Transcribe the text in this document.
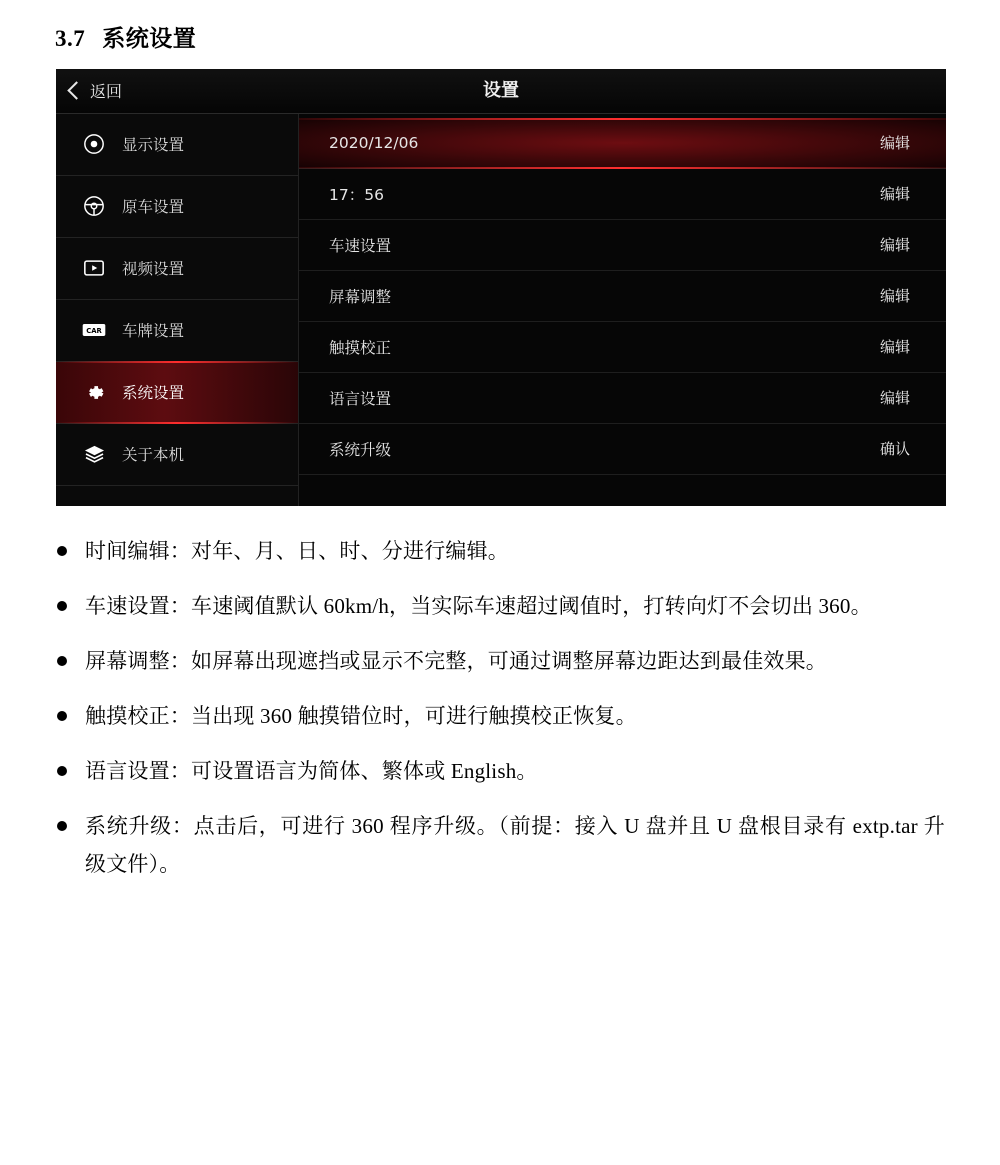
3.7 系统设置
返回	设置
显示设置
原车设置
视频设置
CAR 车牌设置
系统设置
关于本机
2020/12/06	编辑
17：56	编辑
车速设置	编辑
屏幕调整	编辑
触摸校正	编辑
语言设置	编辑
系统升级	确认
时间编辑：对年、月、日、时、分进行编辑。
车速设置：车速阈值默认 60km/h，当实际车速超过阈值时，打转向灯不会切出 360。
屏幕调整：如屏幕出现遮挡或显示不完整，可通过调整屏幕边距达到最佳效果。
触摸校正：当出现 360 触摸错位时，可进行触摸校正恢复。
语言设置：可设置语言为简体、繁体或 English。
系统升级：点击后，可进行 360 程序升级。（前提：接入 U 盘并且 U 盘根目录有 extp.tar 升级文件）。
